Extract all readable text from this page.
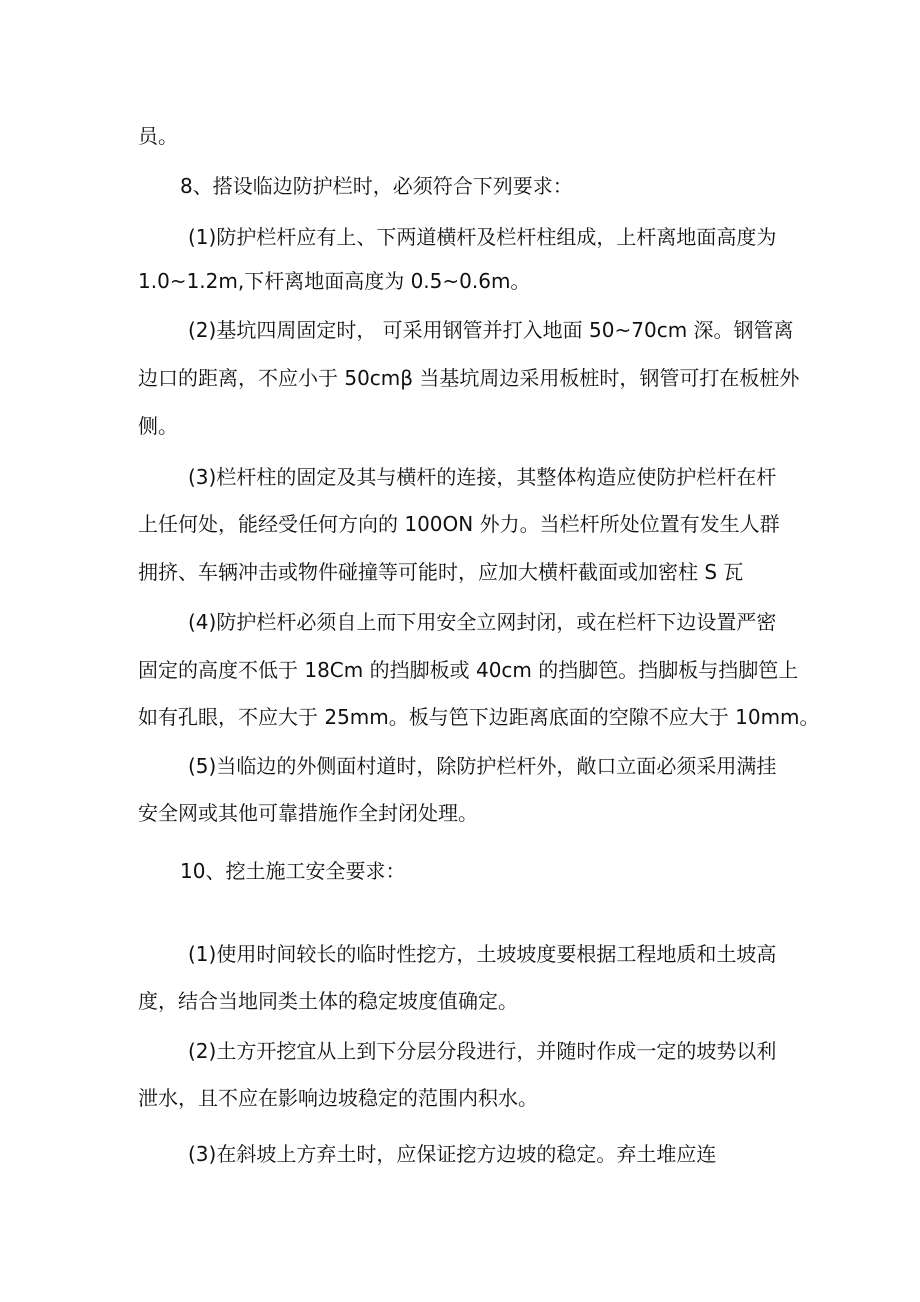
员。
8、搭设临边防护栏时，必须符合下列要求：
(1)防护栏杆应有上、下两道横杆及栏杆柱组成，上杆离地面高度为
1.0~1.2m,下杆离地面高度为 0.5~0.6m。
(2)基坑四周固定时， 可采用钢管并打入地面 50~70cm 深。钢管离
边口的距离，不应小于 50cmβ 当基坑周边采用板桩时，钢管可打在板桩外
侧。
(3)栏杆柱的固定及其与横杆的连接，其整体构造应使防护栏杆在杆
上任何处，能经受任何方向的 100ON 外力。当栏杆所处位置有发生人群
拥挤、车辆冲击或物件碰撞等可能时，应加大横杆截面或加密柱 S 瓦
(4)防护栏杆必须自上而下用安全立网封闭，或在栏杆下边设置严密
固定的高度不低于 18Cm 的挡脚板或 40cm 的挡脚笆。挡脚板与挡脚笆上
如有孔眼，不应大于 25mm。板与笆下边距离底面的空隙不应大于 10mm。
(5)当临边的外侧面村道时，除防护栏杆外，敞口立面必须采用满挂
安全网或其他可靠措施作全封闭处理。
10、挖土施工安全要求：
(1)使用时间较长的临时性挖方，土坡坡度要根据工程地质和土坡高
度，结合当地同类土体的稳定坡度值确定。
(2)土方开挖宜从上到下分层分段进行，并随时作成一定的坡势以利
泄水，且不应在影响边坡稳定的范围内积水。
(3)在斜坡上方弃土时，应保证挖方边坡的稳定。弃土堆应连
